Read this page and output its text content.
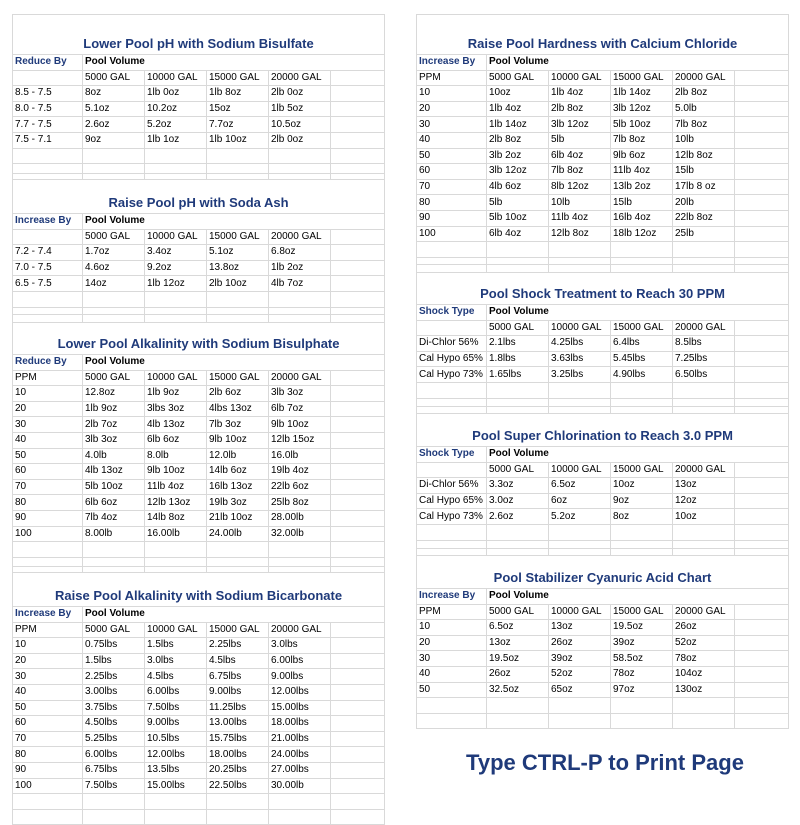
Lower Pool pH with Sodium Bisulfate					
Reduce By	Pool Volume				
	5000 GAL	10000 GAL	15000 GAL	20000 GAL	
8.5 - 7.5	8oz	1lb 0oz	1lb 8oz	2lb 0oz	
8.0 - 7.5	5.1oz	10.2oz	15oz	1lb 5oz	
7.7 - 7.5	2.6oz	5.2oz	7.7oz	10.5oz	
7.5 - 7.1	9oz	1lb 1oz	1lb 10oz	2lb 0oz	

Raise Pool pH with Soda Ash					
Increase By	Pool Volume				
	5000 GAL	10000 GAL	15000 GAL	20000 GAL	
7.2 - 7.4	1.7oz	3.4oz	5.1oz	6.8oz	
7.0 - 7.5	4.6oz	9.2oz	13.8oz	1lb 2oz	
6.5 - 7.5	14oz	1lb 12oz	2lb 10oz	4lb 7oz	

Lower Pool Alkalinity with Sodium Bisulphate					
Reduce By	Pool Volume				
PPM	5000 GAL	10000 GAL	15000 GAL	20000 GAL	
10	12.8oz	1lb 9oz	2lb 6oz	3lb 3oz	
20	1lb 9oz	3lbs 3oz	4lbs 13oz	6lb 7oz	
30	2lb 7oz	4lb 13oz	7lb 3oz	9lb 10oz	
40	3lb 3oz	6lb 6oz	9lb 10oz	12lb 15oz	
50	4.0lb	8.0lb	12.0lb	16.0lb	
60	4lb 13oz	9lb 10oz	14lb 6oz	19lb 4oz	
70	5lb 10oz	11lb 4oz	16lb 13oz	22lb 6oz	
80	6lb 6oz	12lb 13oz	19lb 3oz	25lb 8oz	
90	7lb 4oz	14lb 8oz	21lb 10oz	28.00lb	
100	8.00lb	16.00lb	24.00lb	32.00lb	

Raise Pool Alkalinity with Sodium Bicarbonate					
Increase By	Pool Volume				
PPM	5000 GAL	10000 GAL	15000 GAL	20000 GAL	
10	0.75lbs	1.5lbs	2.25lbs	3.0lbs	
20	1.5lbs	3.0lbs	4.5lbs	6.00lbs	
30	2.25lbs	4.5lbs	6.75lbs	9.00lbs	
40	3.00lbs	6.00lbs	9.00lbs	12.00lbs	
50	3.75lbs	7.50lbs	11.25lbs	15.00lbs	
60	4.50lbs	9.00lbs	13.00lbs	18.00lbs	
70	5.25lbs	10.5lbs	15.75lbs	21.00lbs	
80	6.00lbs	12.00lbs	18.00lbs	24.00lbs	
90	6.75lbs	13.5lbs	20.25lbs	27.00lbs	
100	7.50lbs	15.00lbs	22.50lbs	30.00lb	

Raise Pool Hardness with Calcium Chloride					
Increase By	Pool Volume				
PPM	5000 GAL	10000 GAL	15000 GAL	20000 GAL	
10	10oz	1lb 4oz	1lb 14oz	2lb 8oz	
20	1lb 4oz	2lb 8oz	3lb 12oz	5.0lb	
30	1lb 14oz	3lb 12oz	5lb 10oz	7lb 8oz	
40	2lb 8oz	5lb	7lb 8oz	10lb	
50	3lb 2oz	6lb 4oz	9lb 6oz	12lb 8oz	
60	3lb 12oz	7lb 8oz	11lb 4oz	15lb	
70	4lb 6oz	8lb 12oz	13lb 2oz	17lb 8 oz	
80	5lb	10lb	15lb	20lb	
90	5lb 10oz	11lb 4oz	16lb 4oz	22lb 8oz	
100	6lb 4oz	12lb 8oz	18lb 12oz	25lb	

Pool Shock Treatment to Reach 30 PPM					
Shock Type	Pool Volume				
	5000 GAL	10000 GAL	15000 GAL	20000 GAL	
Di-Chlor 56%	2.1lbs	4.25lbs	6.4lbs	8.5lbs	
Cal Hypo 65%	1.8lbs	3.63lbs	5.45lbs	7.25lbs	
Cal Hypo 73%	1.65lbs	3.25lbs	4.90lbs	6.50lbs	

Pool Super Chlorination to Reach 3.0 PPM					
Shock Type	Pool Volume				
	5000 GAL	10000 GAL	15000 GAL	20000 GAL	
Di-Chlor 56%	3.3oz	6.5oz	10oz	13oz	
Cal Hypo 65%	3.0oz	6oz	9oz	12oz	
Cal Hypo 73%	2.6oz	5.2oz	8oz	10oz	

Pool Stabilizer Cyanuric Acid Chart					
Increase By	Pool Volume				
PPM	5000 GAL	10000 GAL	15000 GAL	20000 GAL	
10	6.5oz	13oz	19.5oz	26oz	
20	13oz	26oz	39oz	52oz	
30	19.5oz	39oz	58.5oz	78oz	
40	26oz	52oz	78oz	104oz	
50	32.5oz	65oz	97oz	130oz	

Type CTRL-P to Print Page
